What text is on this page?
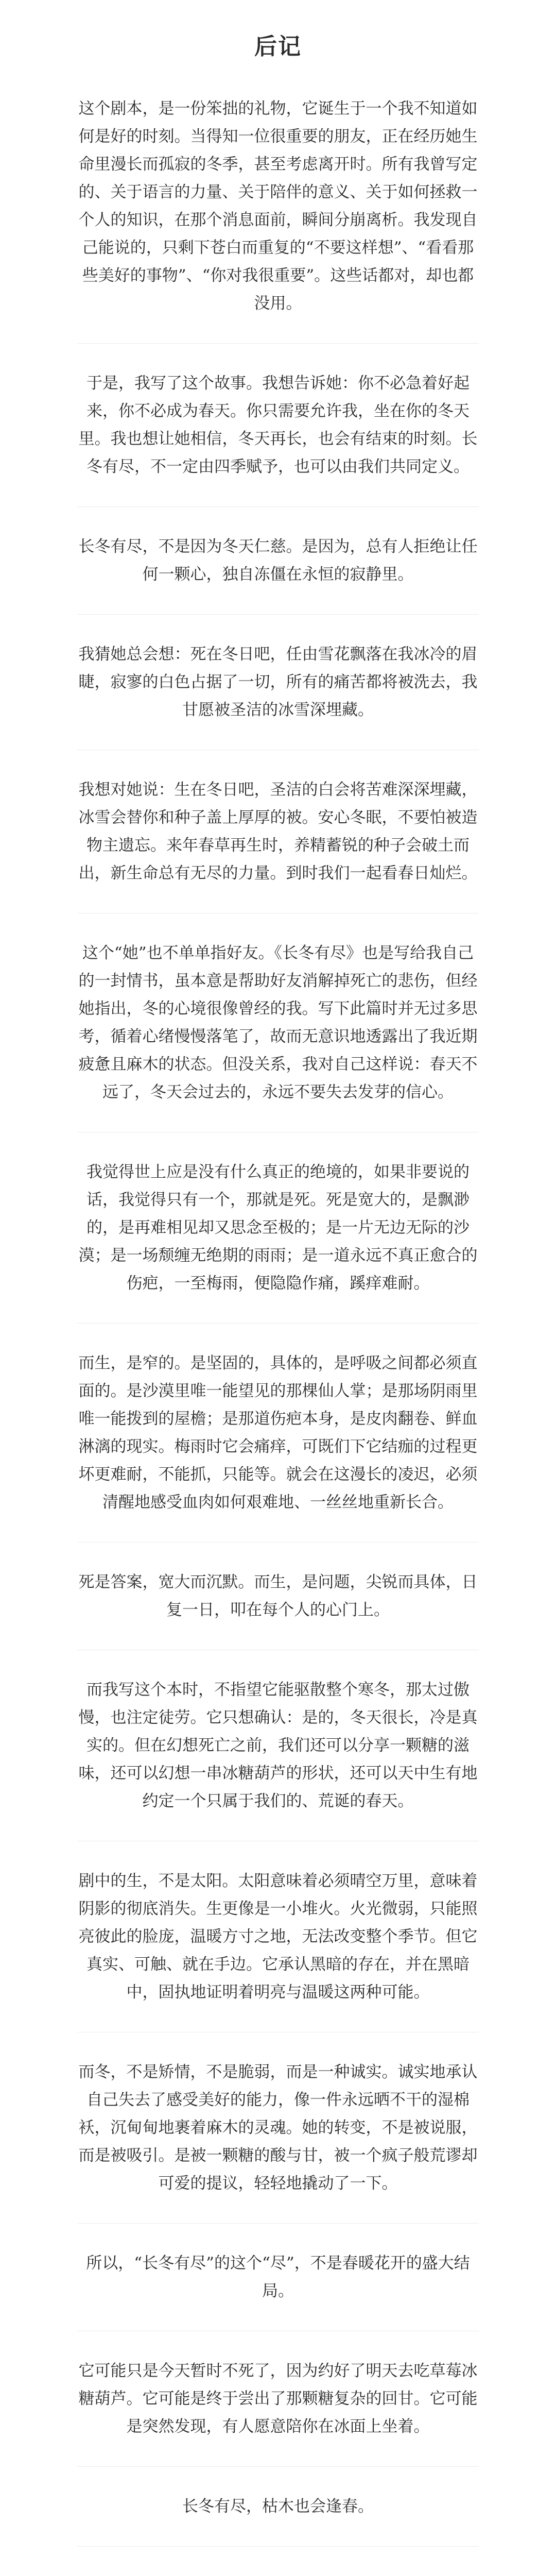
后记

这个剧本，是一份笨拙的礼物，它诞生于一个我不知道如何是好的时刻。当得知一位很重要的朋友，正在经历她生命里漫长而孤寂的冬季，甚至考虑离开时。所有我曾写定的、关于语言的力量、关于陪伴的意义、关于如何拯救一个人的知识，在那个消息面前，瞬间分崩离析。我发现自己能说的，只剩下苍白而重复的“不要这样想”、“看看那些美好的事物”、“你对我很重要”。这些话都对，却也都没用。

于是，我写了这个故事。我想告诉她：你不必急着好起来，你不必成为春天。你只需要允许我，坐在你的冬天里。我也想让她相信，冬天再长，也会有结束的时刻。长冬有尽，不一定由四季赋予，也可以由我们共同定义。

长冬有尽，不是因为冬天仁慈。是因为，总有人拒绝让任何一颗心，独自冻僵在永恒的寂静里。

我猜她总会想：死在冬日吧，任由雪花飘落在我冰冷的眉睫，寂寥的白色占据了一切，所有的痛苦都将被洗去，我甘愿被圣洁的冰雪深埋藏。

我想对她说：生在冬日吧，圣洁的白会将苦难深深埋藏，冰雪会替你和种子盖上厚厚的被。安心冬眠，不要怕被造物主遗忘。来年春草再生时，养精蓄锐的种子会破土而出，新生命总有无尽的力量。到时我们一起看春日灿烂。

这个“她”也不单单指好友。《长冬有尽》也是写给我自己的一封情书，虽本意是帮助好友消解掉死亡的悲伤，但经她指出，冬的心境很像曾经的我。写下此篇时并无过多思考，循着心绪慢慢落笔了，故而无意识地透露出了我近期疲惫且麻木的状态。但没关系，我对自己这样说：春天不远了，冬天会过去的，永远不要失去发芽的信心。

我觉得世上应是没有什么真正的绝境的，如果非要说的话，我觉得只有一个，那就是死。死是宽大的，是飘渺的，是再难相见却又思念至极的；是一片无边无际的沙漠；是一场颓缠无绝期的雨雨；是一道永远不真正愈合的伤疤，一至梅雨，便隐隐作痛，蹊痒难耐。

而生，是窄的。是坚固的，具体的，是呼吸之间都必须直面的。是沙漠里唯一能望见的那棵仙人掌；是那场阴雨里唯一能拨到的屋檐；是那道伤疤本身，是皮肉翻卷、鲜血淋漓的现实。梅雨时它会痛痒，可既们下它结痂的过程更坏更难耐，不能抓，只能等。就会在这漫长的凌迟，必须清醒地感受血肉如何艰难地、一丝丝地重新长合。

死是答案，宽大而沉默。而生，是问题，尖锐而具体，日复一日，叩在每个人的心门上。

而我写这个本时，不指望它能驱散整个寒冬，那太过傲慢，也注定徒劳。它只想确认：是的，冬天很长，冷是真实的。但在幻想死亡之前，我们还可以分享一颗糖的滋味，还可以幻想一串冰糖葫芦的形状，还可以天中生有地约定一个只属于我们的、荒诞的春天。

剧中的生，不是太阳。太阳意味着必须晴空万里，意味着阴影的彻底消失。生更像是一小堆火。火光微弱，只能照亮彼此的脸庞，温暖方寸之地，无法改变整个季节。但它真实、可触、就在手边。它承认黑暗的存在，并在黑暗中，固执地证明着明亮与温暖这两种可能。

而冬，不是矫情，不是脆弱，而是一种诚实。诚实地承认自己失去了感受美好的能力，像一件永远晒不干的湿棉袄，沉甸甸地裹着麻木的灵魂。她的转变，不是被说服，而是被吸引。是被一颗糖的酸与甘，被一个疯子般荒谬却可爱的提议，轻轻地撬动了一下。

所以，“长冬有尽”的这个“尽”，不是春暖花开的盛大结局。

它可能只是今天暂时不死了，因为约好了明天去吃草莓冰糖葫芦。它可能是终于尝出了那颗糖复杂的回甘。它可能是突然发现，有人愿意陪你在冰面上坐着。

长冬有尽，枯木也会逢春。
